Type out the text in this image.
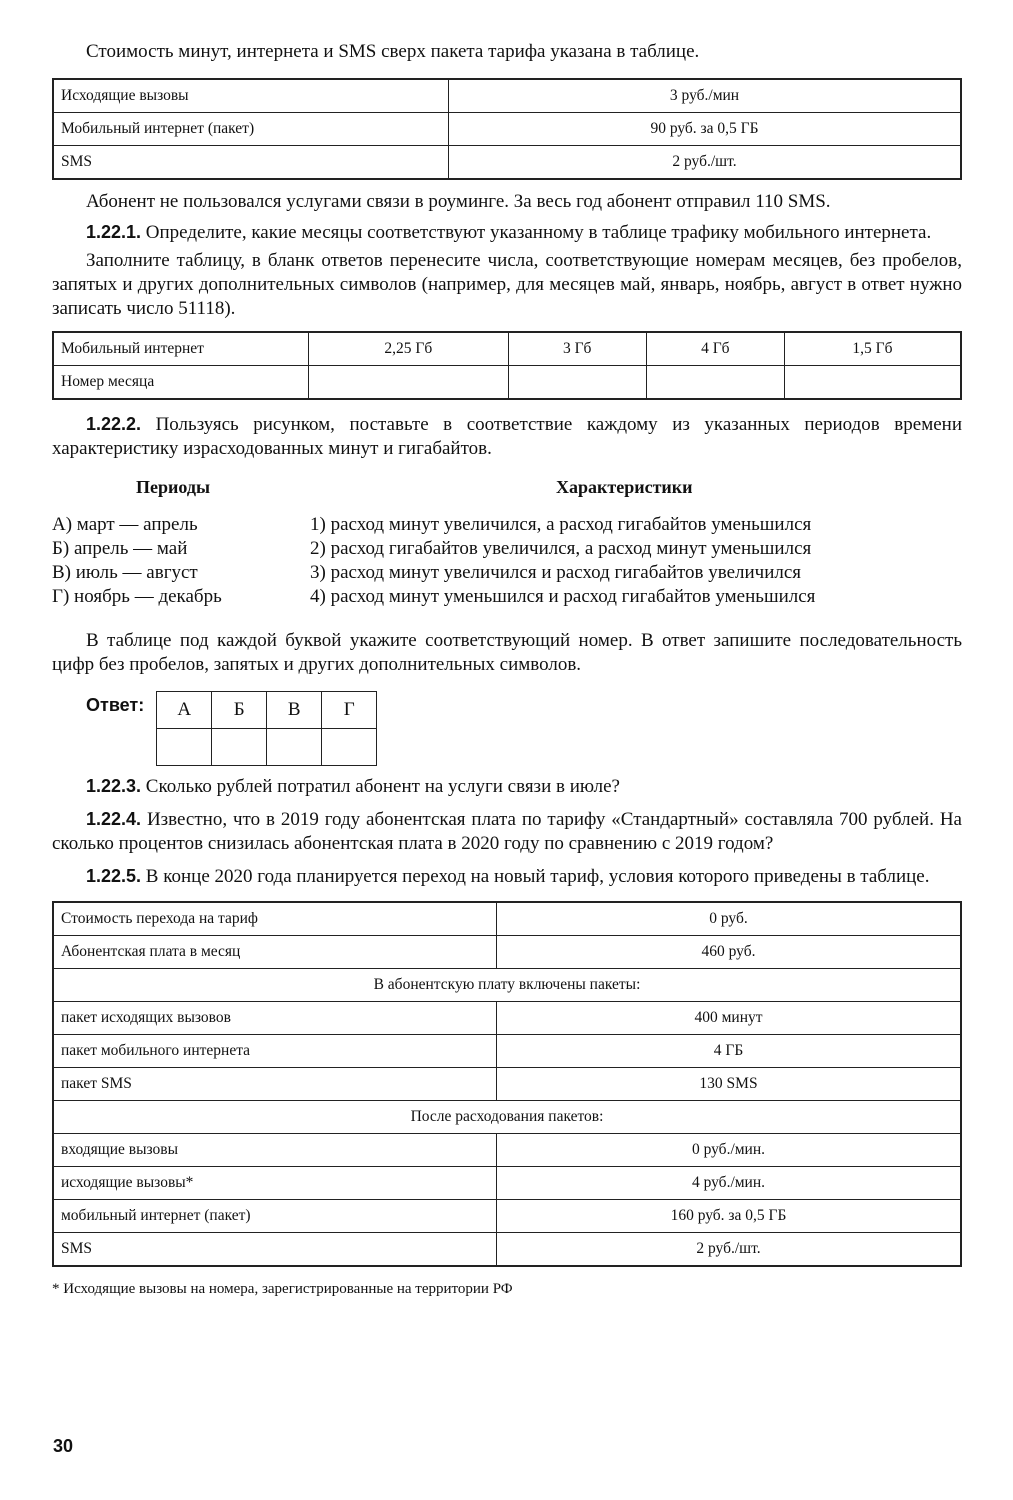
Стоимость минут, интернета и SMS сверх пакета тарифа указана в таблице.

Исходящие вызовы	3 руб./мин
Мобильный интернет (пакет)	90 руб. за 0,5 ГБ
SMS	2 руб./шт.

Абонент не пользовался услугами связи в роуминге. За весь год абонент отправил 110 SMS.

1.22.1. Определите, какие месяцы соответствуют указанному в таблице трафику мобильного интернета.

Заполните таблицу, в бланк ответов перенесите числа, соответствующие номерам месяцев, без пробелов, запятых и других дополнительных символов (например, для месяцев май, январь, ноябрь, август в ответ нужно записать число 51118).

Мобильный интернет	2,25 Гб	3 Гб	4 Гб	1,5 Гб
Номер месяца				

1.22.2. Пользуясь рисунком, поставьте в соответствие каждому из указанных периодов времени характеристику израсходованных минут и гигабайтов.

Периоды
А) март — апрель
Б) апрель — май
В) июль — август
Г) ноябрь — декабрь
Характеристики
1) расход минут увеличился, а расход гигабайтов уменьшился
2) расход гигабайтов увеличился, а расход минут уменьшился
3) расход минут увеличился и расход гигабайтов увеличился
4) расход минут уменьшился и расход гигабайтов уменьшился

В таблице под каждой буквой укажите соответствующий номер. В ответ запишите последовательность цифр без пробелов, запятых и других дополнительных символов.

Ответ: А	Б	В	Г

1.22.3. Сколько рублей потратил абонент на услуги связи в июле?

1.22.4. Известно, что в 2019 году абонентская плата по тарифу «Стандартный» составляла 700 рублей. На сколько процентов снизилась абонентская плата в 2020 году по сравнению с 2019 годом?

1.22.5. В конце 2020 года планируется переход на новый тариф, условия которого приведены в таблице.

Стоимость перехода на тариф	0 руб.
Абонентская плата в месяц	460 руб.
В абонентскую плату включены пакеты:	
пакет исходящих вызовов	400 минут
пакет мобильного интернета	4 ГБ
пакет SMS	130 SMS
После расходования пакетов:	
входящие вызовы	0 руб./мин.
исходящие вызовы*	4 руб./мин.
мобильный интернет (пакет)	160 руб. за 0,5 ГБ
SMS	2 руб./шт.

* Исходящие вызовы на номера, зарегистрированные на территории РФ

30
